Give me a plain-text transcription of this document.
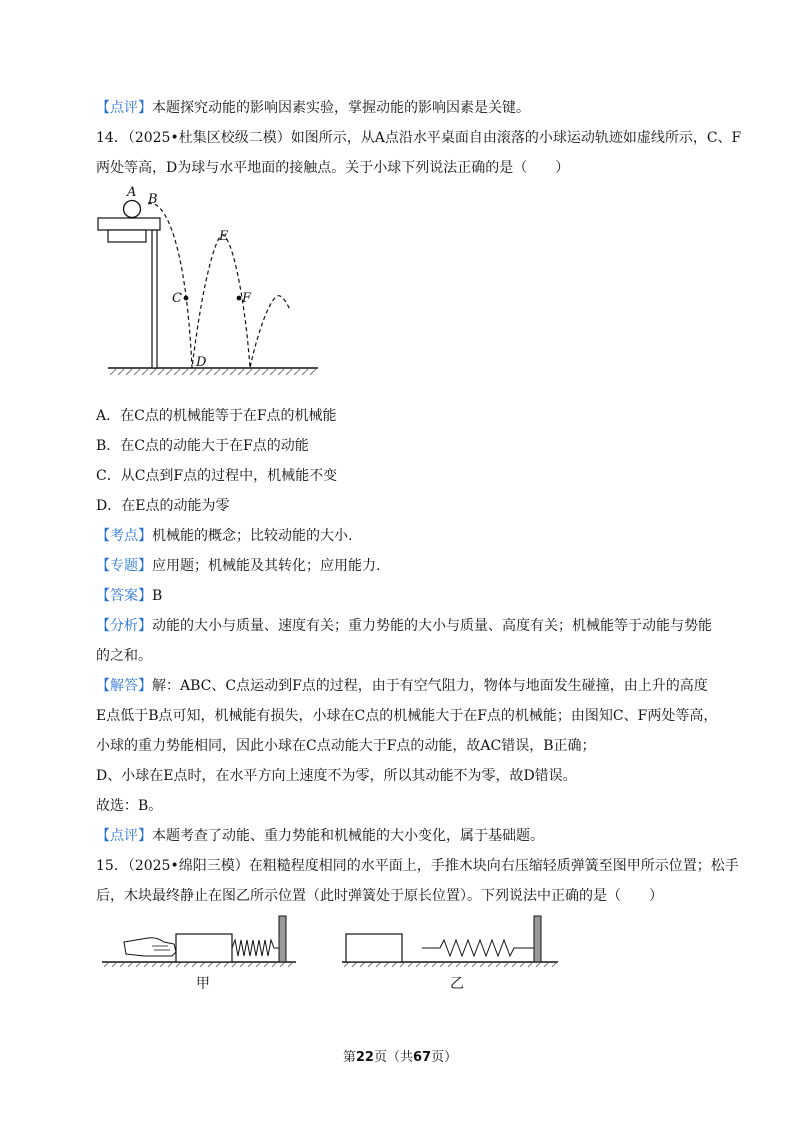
【点评】本题探究动能的影响因素实验，掌握动能的影响因素是关键。
14．（2025•杜集区校级二模）如图所示，从A点沿水平桌面自由滚落的小球运动轨迹如虚线所示，C、F
两处等高，D为球与水平地面的接触点。关于小球下列说法正确的是（　　）
A B
C
D
E
F
A．在C点的机械能等于在F点的机械能
B．在C点的动能大于在F点的动能
C．从C点到F点的过程中，机械能不变
D．在E点的动能为零
【考点】机械能的概念；比较动能的大小.
【专题】应用题；机械能及其转化；应用能力.
【答案】B
【分析】动能的大小与质量、速度有关；重力势能的大小与质量、高度有关；机械能等于动能与势能
的之和。
【解答】解：ABC、C点运动到F点的过程，由于有空气阻力，物体与地面发生碰撞，由上升的高度
E点低于B点可知，机械能有损失，小球在C点的机械能大于在F点的机械能；由图知C、F两处等高，
小球的重力势能相同，因此小球在C点动能大于F点的动能，故AC错误，B正确；
D、小球在E点时，在水平方向上速度不为零，所以其动能不为零，故D错误。
故选：B。
【点评】本题考查了动能、重力势能和机械能的大小变化，属于基础题。
15．（2025•绵阳三模）在粗糙程度相同的水平面上，手推木块向右压缩轻质弹簧至图甲所示位置；松手
后，木块最终静止在图乙所示位置（此时弹簧处于原长位置）。下列说法中正确的是（　　）
甲	乙
第22页（共67页）
